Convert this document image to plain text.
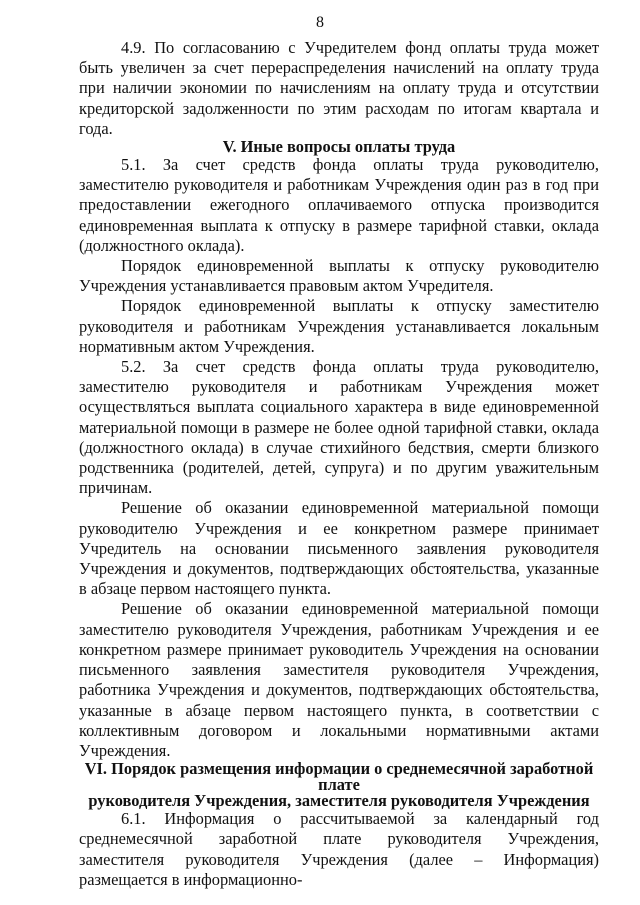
8

4.9. По согласованию с Учредителем фонд оплаты труда может быть увеличен за счет перераспределения начислений на оплату труда при наличии экономии по начислениям на оплату труда и отсутствии кредиторской задолженности по этим расходам по итогам квартала и года.

V. Иные вопросы оплаты труда

5.1. За счет средств фонда оплаты труда руководителю, заместителю руководителя и работникам Учреждения один раз в год при предоставлении ежегодного оплачиваемого отпуска производится единовременная выплата к отпуску в размере тарифной ставки, оклада (должностного оклада).

Порядок единовременной выплаты к отпуску руководителю Учреждения устанавливается правовым актом Учредителя.

Порядок единовременной выплаты к отпуску заместителю руководителя и работникам Учреждения устанавливается локальным нормативным актом Учреждения.

5.2. За счет средств фонда оплаты труда руководителю, заместителю руководителя и работникам Учреждения может осуществляться выплата социального характера в виде единовременной материальной помощи в размере не более одной тарифной ставки, оклада (должностного оклада) в случае стихийного бедствия, смерти близкого родственника (родителей, детей, супруга) и по другим уважительным причинам.

Решение об оказании единовременной материальной помощи руководителю Учреждения и ее конкретном размере принимает Учредитель на основании письменного заявления руководителя Учреждения и документов, подтверждающих обстоятельства, указанные в абзаце первом настоящего пункта.

Решение об оказании единовременной материальной помощи заместителю руководителя Учреждения, работникам Учреждения и ее конкретном размере принимает руководитель Учреждения на основании письменного заявления заместителя руководителя Учреждения, работника Учреждения и документов, подтверждающих обстоятельства, указанные в абзаце первом настоящего пункта, в соответствии с коллективным договором и локальными нормативными актами Учреждения.

VI. Порядок размещения информации о среднемесячной заработной плате
руководителя Учреждения, заместителя руководителя Учреждения

6.1. Информация о рассчитываемой за календарный год среднемесячной заработной плате руководителя Учреждения, заместителя руководителя Учреждения (далее – Информация) размещается в информационно-
